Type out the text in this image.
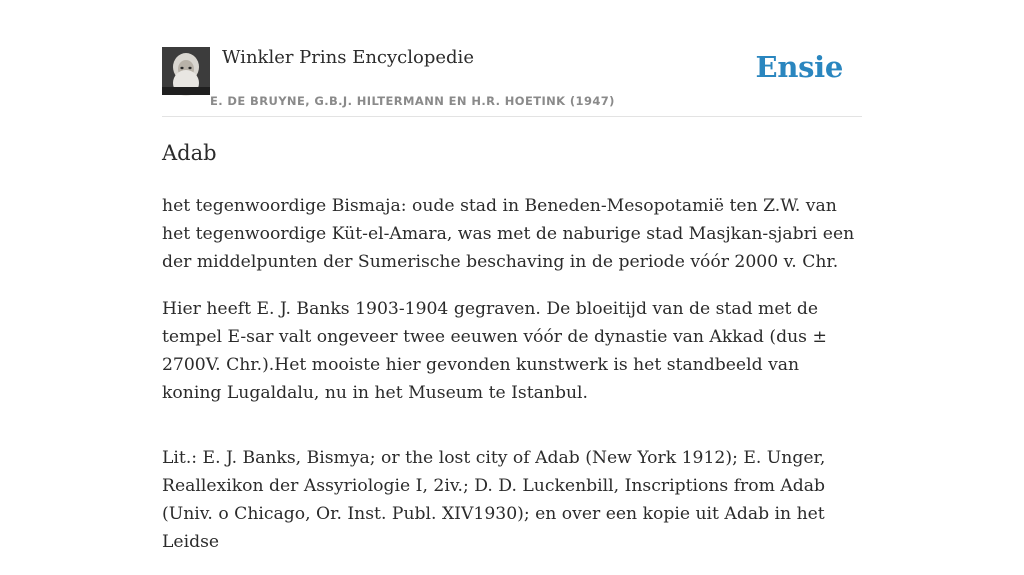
Winkler Prins Encyclopedie	Ensie
E. DE BRUYNE, G.B.J. HILTERMANN EN H.R. HOETINK (1947)
Adab

het tegenwoordige Bismaja: oude stad in Beneden-Mesopotamië ten Z.W. van het tegenwoordige Küt-el-Amara, was met de naburige stad Masjkan-sjabri een der middelpunten der Sumerische beschaving in de periode vóór 2000 v. Chr.

Hier heeft E. J. Banks 1903-1904 gegraven. De bloeitijd van de stad met de tempel E-sar valt ongeveer twee eeuwen vóór de dynastie van Akkad (dus ± 2700V. Chr.).Het mooiste hier gevonden kunstwerk is het standbeeld van koning Lugaldalu, nu in het Museum te Istanbul.

Lit.: E. J. Banks, Bismya; or the lost city of Adab (New York 1912); E. Unger, Reallexikon der Assyriologie I, 2iv.; D. D. Luckenbill, Inscriptions from Adab (Univ. o Chicago, Or. Inst. Publ. XIV1930); en over een kopie uit Adab in het Leidse
